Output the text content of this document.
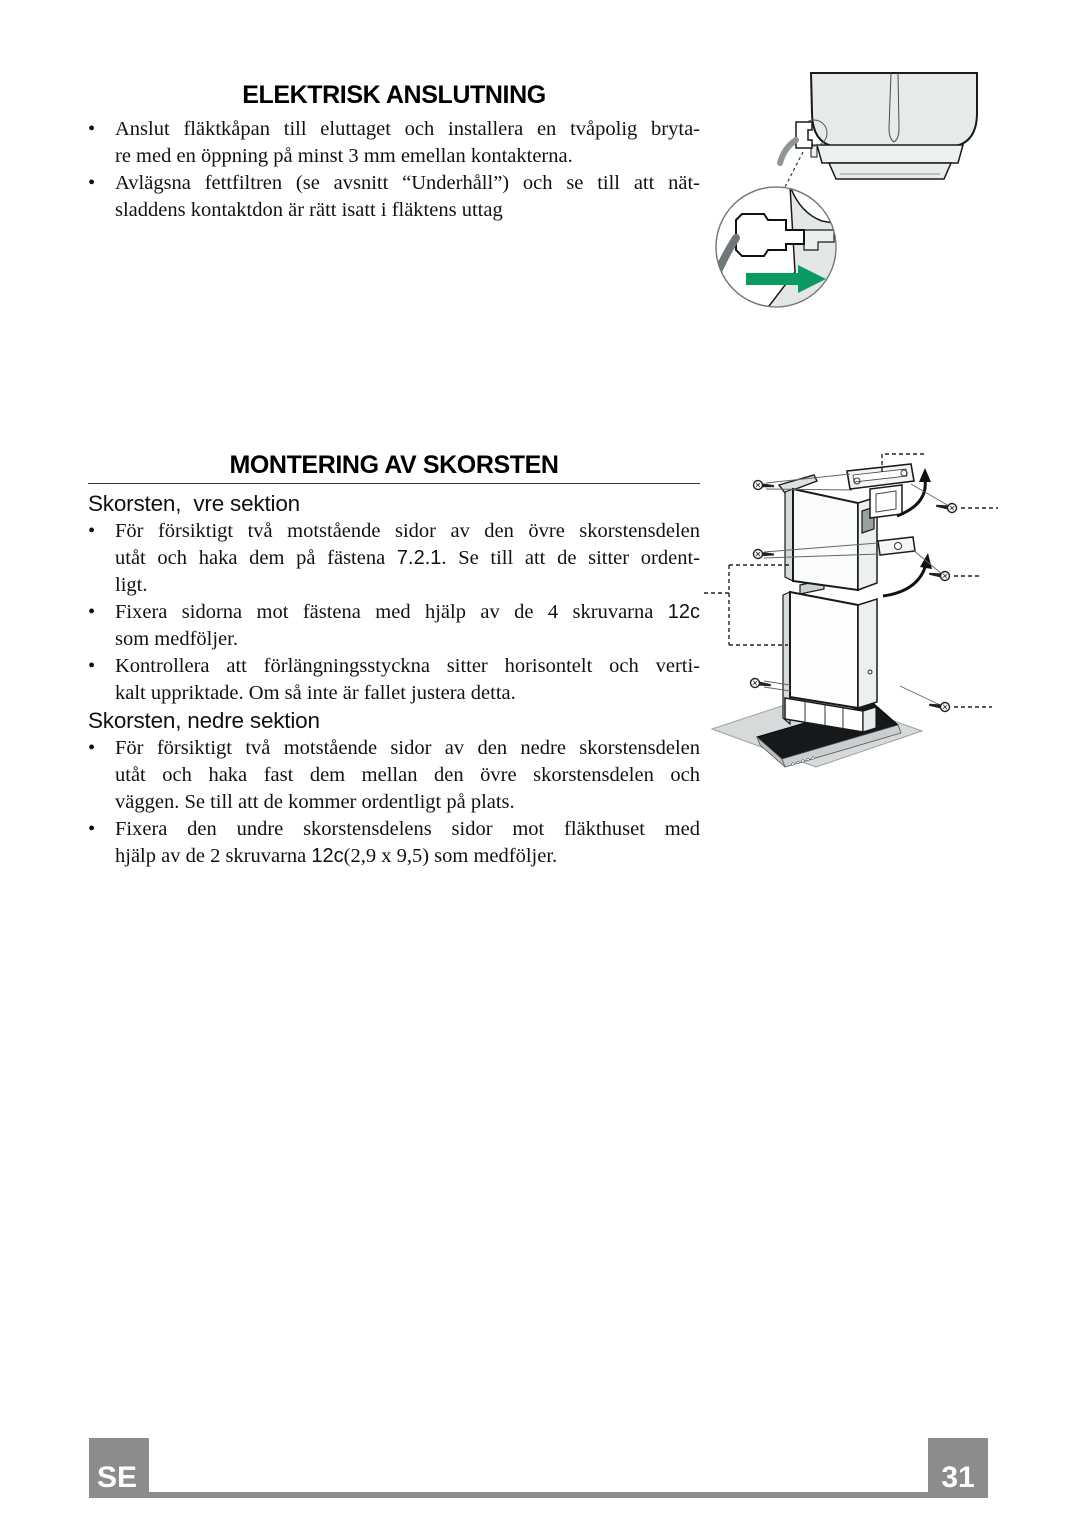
ELEKTRISK ANSLUTNING
• Anslut fläktkåpan till eluttaget och installera en tvåpolig bryta-
re med en öppning på minst 3 mm emellan kontakterna.
• Avlägsna fettfiltren (se avsnitt “Underhåll”) och se till att nät-
sladdens kontaktdon är rätt isatt i fläktens uttag
MONTERING AV SKORSTEN
Skorsten,  vre sektion
• För försiktigt två motstående sidor av den övre skorstensdelen
utåt och haka dem på fästena 7.2.1. Se till att de sitter ordent-
ligt.
• Fixera sidorna mot fästena med hjälp av de 4 skruvarna 12c
som medföljer.
• Kontrollera att förlängningsstyckna sitter horisontelt och verti-
kalt uppriktade. Om så inte är fallet justera detta.
Skorsten, nedre sektion
• För försiktigt två motstående sidor av den nedre skorstensdelen
utåt och haka fast dem mellan den övre skorstensdelen och
väggen. Se till att de kommer ordentligt på plats.
• Fixera den undre skorstensdelens sidor mot fläkthuset med
hjälp av de 2 skruvarna 12c(2,9 x 9,5) som medföljer.
SE	31
